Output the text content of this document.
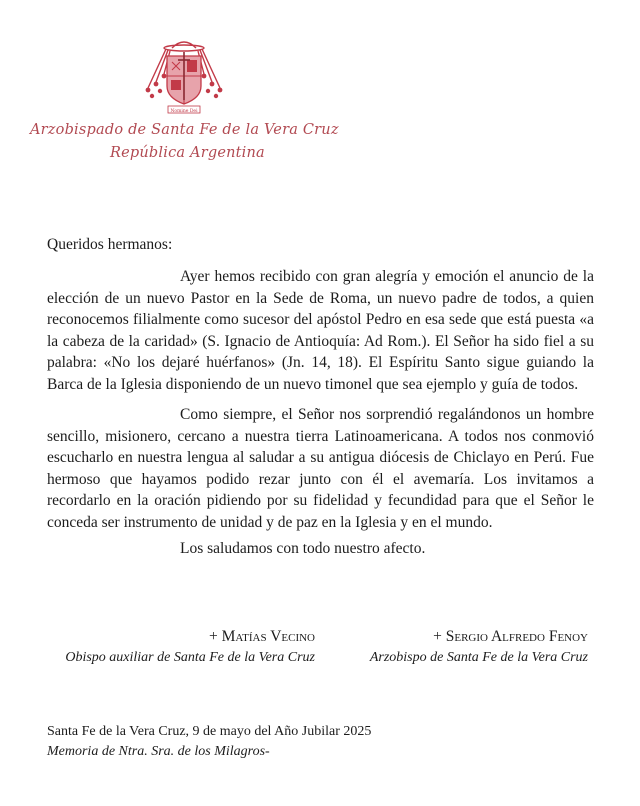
Nomine Dei
Arzobispado de Santa Fe de la Vera Cruz
República Argentina
Queridos hermanos:

Ayer hemos recibido con gran alegría y emoción el anuncio de la elección de un nuevo Pastor en la Sede de Roma, un nuevo padre de todos, a quien reconocemos filialmente como sucesor del apóstol Pedro en esa sede que está puesta «a la cabeza de la caridad» (S. Ignacio de Antioquía: Ad Rom.). El Señor ha sido fiel a su palabra: «No los dejaré huérfanos» (Jn. 14, 18). El Espíritu Santo sigue guiando la Barca de la Iglesia disponiendo de un nuevo timonel que sea ejemplo y guía de todos.

Como siempre, el Señor nos sorprendió regalándonos un hombre sencillo, misionero, cercano a nuestra tierra Latinoamericana. A todos nos conmovió escucharlo en nuestra lengua al saludar a su antigua diócesis de Chiclayo en Perú. Fue hermoso que hayamos podido rezar junto con él el avemaría. Los invitamos a recordarlo en la oración pidiendo por su fidelidad y fecundidad para que el Señor le conceda ser instrumento de unidad y de paz en la Iglesia y en el mundo.

Los saludamos con todo nuestro afecto.
+ Matías Vecino
Obispo auxiliar de Santa Fe de la Vera Cruz
+ Sergio Alfredo Fenoy
Arzobispo de Santa Fe de la Vera Cruz
Santa Fe de la Vera Cruz, 9 de mayo del Año Jubilar 2025
Memoria de Ntra. Sra. de los Milagros-
